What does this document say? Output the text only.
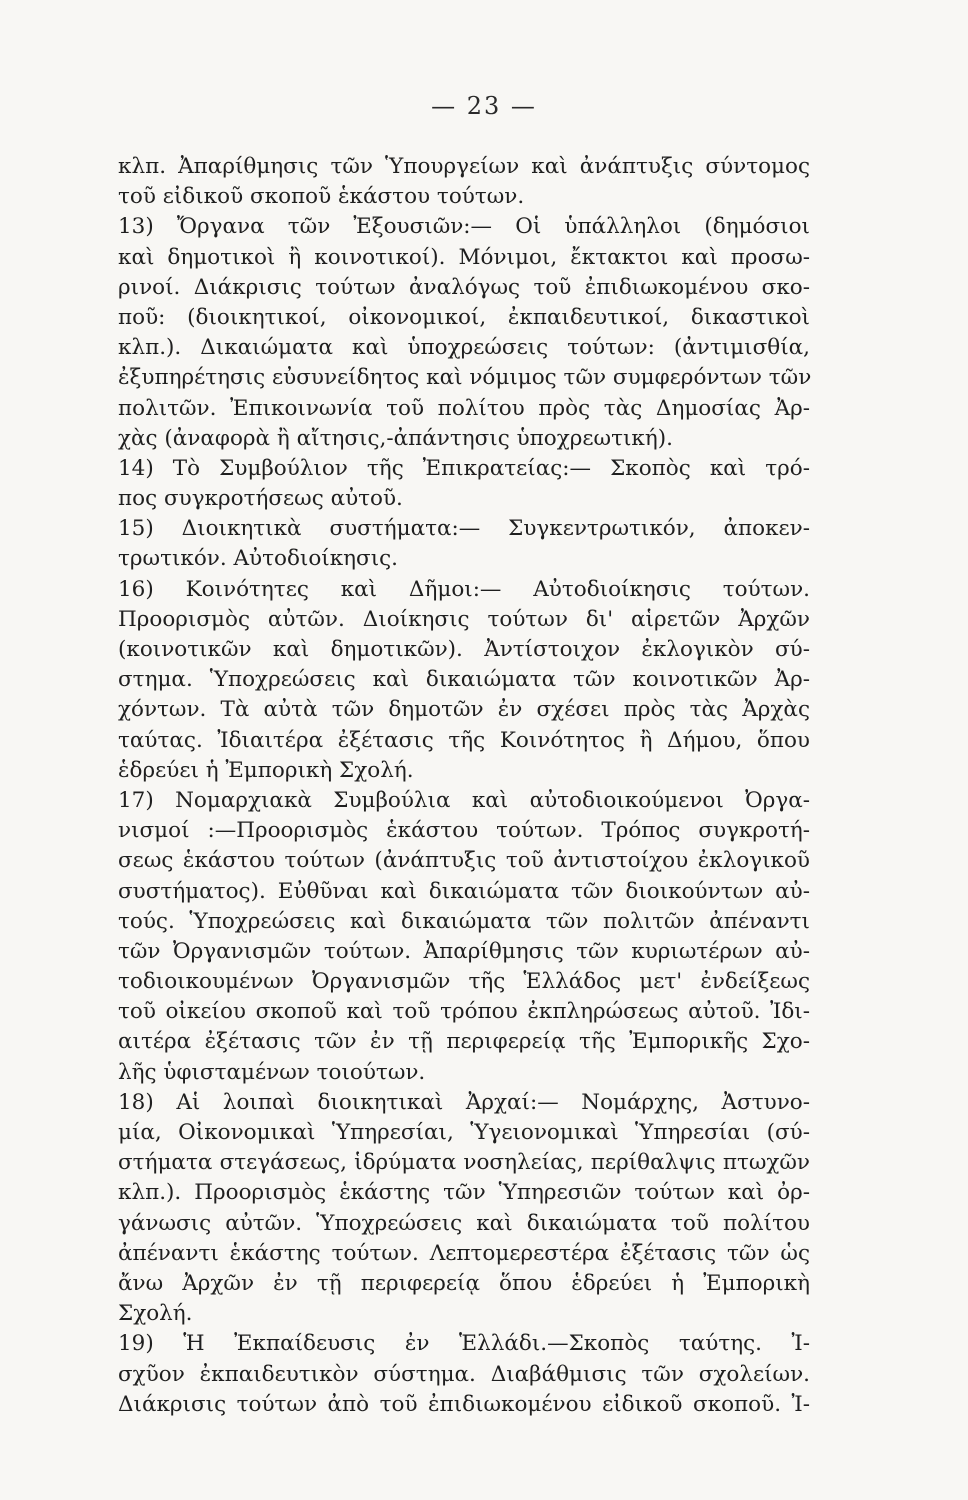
— 23 —
κλπ. Ἀπαρίθμησις τῶν Ὑπουργείων καὶ ἀνάπτυξις σύντομος
τοῦ εἰδικοῦ σκοποῦ ἑκάστου τούτων.
13) Ὄργανα τῶν Ἐξουσιῶν:— Οἱ ὑπάλληλοι (δημόσιοι
καὶ δημοτικοὶ ἢ κοινοτικοί). Μόνιμοι, ἔκτακτοι καὶ προσω-
ρινοί. Διάκρισις τούτων ἀναλόγως τοῦ ἐπιδιωκομένου σκο-
ποῦ: (διοικητικοί, οἰκονομικοί, ἐκπαιδευτικοί, δικαστικοὶ
κλπ.). Δικαιώματα καὶ ὑποχρεώσεις τούτων: (ἀντιμισθία,
ἐξυπηρέτησις εὐσυνείδητος καὶ νόμιμος τῶν συμφερόντων τῶν
πολιτῶν. Ἐπικοινωνία τοῦ πολίτου πρὸς τὰς Δημοσίας Ἀρ-
χὰς (ἀναφορὰ ἢ αἴτησις,-ἀπάντησις ὑποχρεωτική).
14) Τὸ Συμβούλιον τῆς Ἐπικρατείας:— Σκοπὸς καὶ τρό-
πος συγκροτήσεως αὐτοῦ.
15) Διοικητικὰ συστήματα:— Συγκεντρωτικόν, ἀποκεν-
τρωτικόν. Αὐτοδιοίκησις.
16) Κοινότητες καὶ Δῆμοι:— Αὐτοδιοίκησις τούτων.
Προορισμὸς αὐτῶν. Διοίκησις τούτων δι' αἱρετῶν Ἀρχῶν
(κοινοτικῶν καὶ δημοτικῶν). Ἀντίστοιχον ἐκλογικὸν σύ-
στημα. Ὑποχρεώσεις καὶ δικαιώματα τῶν κοινοτικῶν Ἀρ-
χόντων. Τὰ αὐτὰ τῶν δημοτῶν ἐν σχέσει πρὸς τὰς Ἀρχὰς
ταύτας. Ἰδιαιτέρα ἐξέτασις τῆς Κοινότητος ἢ Δήμου, ὅπου
ἑδρεύει ἡ Ἐμπορικὴ Σχολή.
17) Νομαρχιακὰ Συμβούλια καὶ αὐτοδιοικούμενοι Ὀργα-
νισμοί :—Προορισμὸς ἑκάστου τούτων. Τρόπος συγκροτή-
σεως ἑκάστου τούτων (ἀνάπτυξις τοῦ ἀντιστοίχου ἐκλογικοῦ
συστήματος). Εὐθῦναι καὶ δικαιώματα τῶν διοικούντων αὐ-
τούς. Ὑποχρεώσεις καὶ δικαιώματα τῶν πολιτῶν ἀπέναντι
τῶν Ὀργανισμῶν τούτων. Ἀπαρίθμησις τῶν κυριωτέρων αὐ-
τοδιοικουμένων Ὀργανισμῶν τῆς Ἑλλάδος μετ' ἐνδείξεως
τοῦ οἰκείου σκοποῦ καὶ τοῦ τρόπου ἐκπληρώσεως αὐτοῦ. Ἰδι-
αιτέρα ἐξέτασις τῶν ἐν τῇ περιφερείᾳ τῆς Ἐμπορικῆς Σχο-
λῆς ὑφισταμένων τοιούτων.
18) Αἱ λοιπαὶ διοικητικαὶ Ἀρχαί:— Νομάρχης, Ἀστυνο-
μία, Οἰκονομικαὶ Ὑπηρεσίαι, Ὑγειονομικαὶ Ὑπηρεσίαι (σύ-
στήματα στεγάσεως, ἱδρύματα νοσηλείας, περίθαλψις πτωχῶν
κλπ.). Προορισμὸς ἑκάστης τῶν Ὑπηρεσιῶν τούτων καὶ ὀρ-
γάνωσις αὐτῶν. Ὑποχρεώσεις καὶ δικαιώματα τοῦ πολίτου
ἀπέναντι ἑκάστης τούτων. Λεπτομερεστέρα ἐξέτασις τῶν ὡς
ἄνω Ἀρχῶν ἐν τῇ περιφερείᾳ ὅπου ἑδρεύει ἡ Ἐμπορικὴ
Σχολή.
19) Ἡ Ἐκπαίδευσις ἐν Ἑλλάδι.—Σκοπὸς ταύτης. Ἰ-
σχῦον ἐκπαιδευτικὸν σύστημα. Διαβάθμισις τῶν σχολείων.
Διάκρισις τούτων ἀπὸ τοῦ ἐπιδιωκομένου εἰδικοῦ σκοποῦ. Ἰ-
